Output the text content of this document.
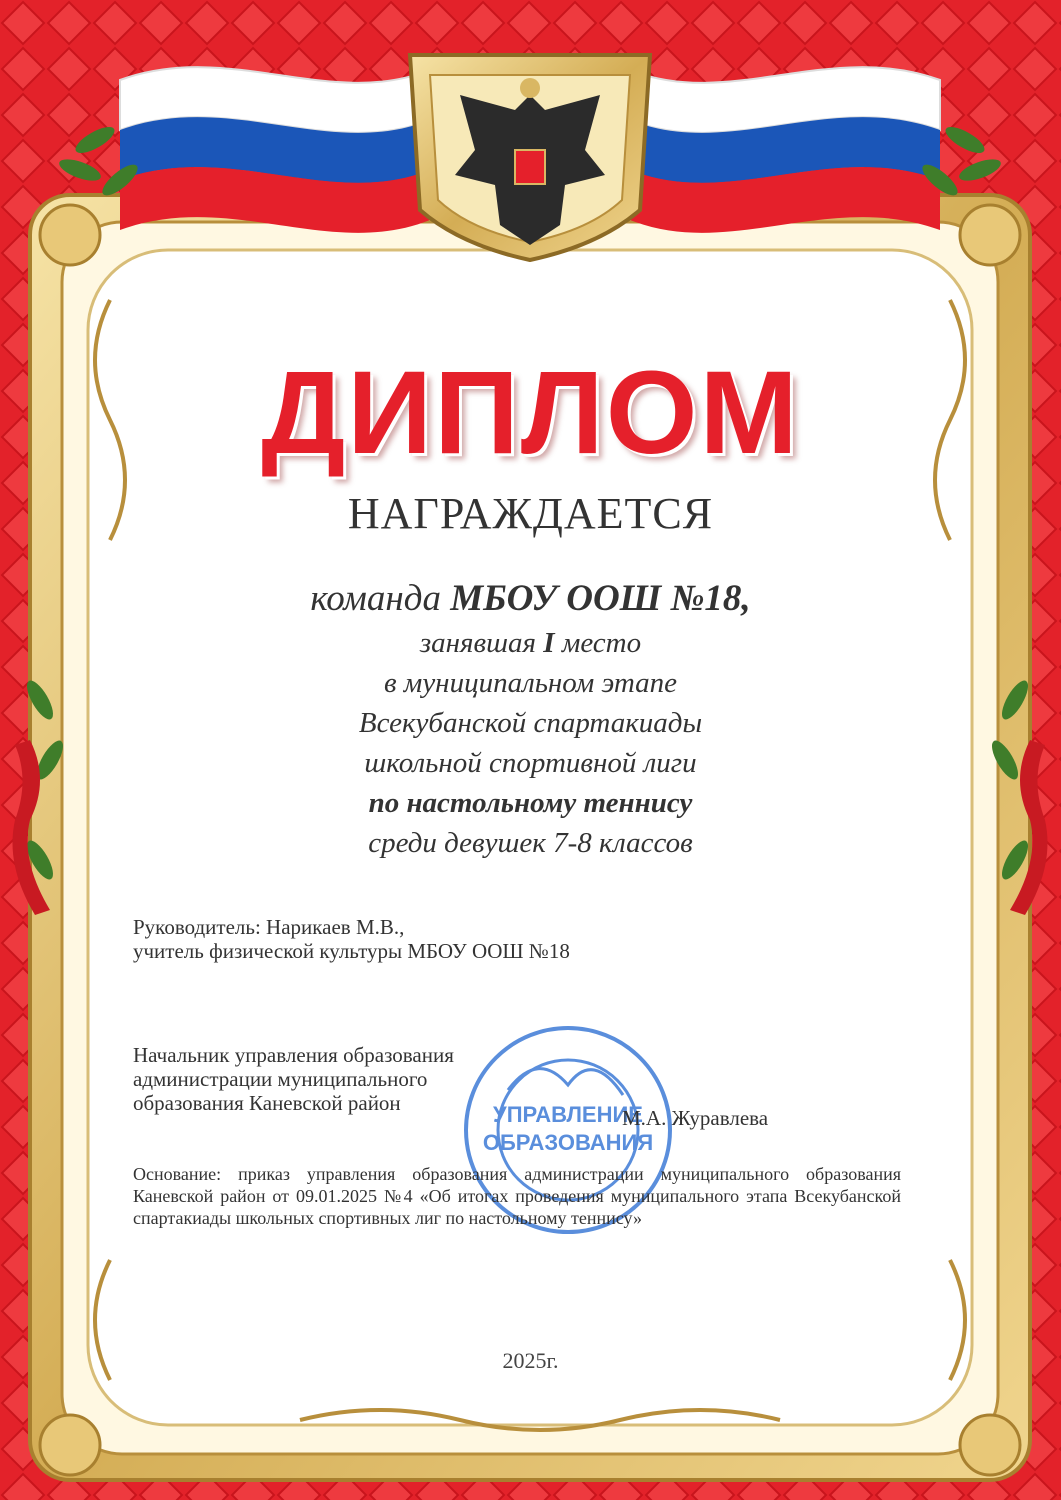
УПРАВЛЕНИЕ
ОБРАЗОВАНИЯ
ДИПЛОМ
НАГРАЖДАЕТСЯ
команда МБОУ ООШ №18,
занявшая I место
в муниципальном этапе
Всекубанской спартакиады
школьной спортивной лиги
по настольному теннису
среди девушек 7-8 классов
Руководитель: Нарикаев М.В.,
учитель физической культуры МБОУ ООШ №18
Начальник управления образования
администрации муниципального
образования Каневской район
М.А. Журавлева
Основание: приказ управления образования администрации муниципального образования Каневской район от 09.01.2025 №4 «Об итогах проведения муниципального этапа Всекубанской спартакиады школьных спортивных лиг по настольному теннису»
2025г.
